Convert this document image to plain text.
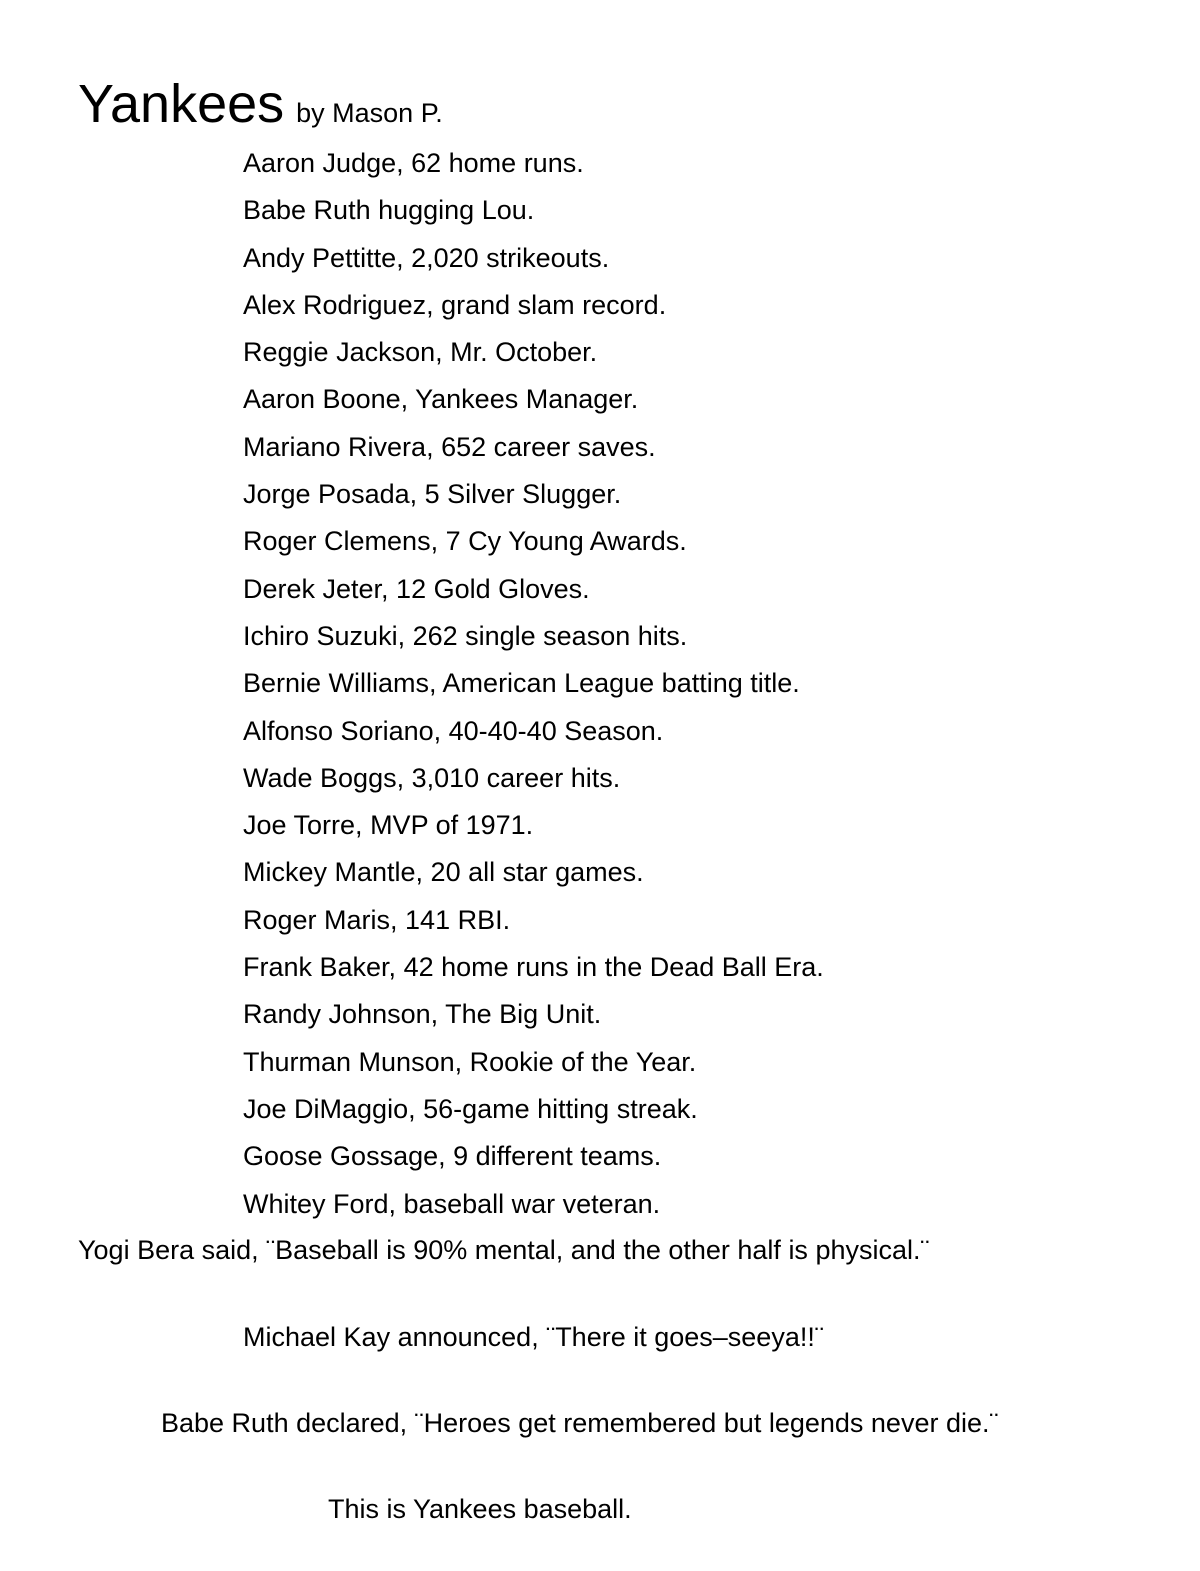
Yankees by Mason P.
Aaron Judge, 62 home runs.
Babe Ruth hugging Lou.
Andy Pettitte, 2,020 strikeouts.
Alex Rodriguez, grand slam record.
Reggie Jackson, Mr. October.
Aaron Boone, Yankees Manager.
Mariano Rivera, 652 career saves.
Jorge Posada, 5 Silver Slugger.
Roger Clemens, 7 Cy Young Awards.
Derek Jeter, 12 Gold Gloves.
Ichiro Suzuki, 262 single season hits.
Bernie Williams, American League batting title.
Alfonso Soriano, 40-40-40 Season.
Wade Boggs, 3,010 career hits.
Joe Torre, MVP of 1971.
Mickey Mantle, 20 all star games.
Roger Maris, 141 RBI.
Frank Baker, 42 home runs in the Dead Ball Era.
Randy Johnson, The Big Unit.
Thurman Munson, Rookie of the Year.
Joe DiMaggio, 56-game hitting streak.
Goose Gossage, 9 different teams.
Whitey Ford, baseball war veteran.
Yogi Bera said, ¨Baseball is 90% mental, and the other half is physical.¨
Michael Kay announced, ¨There it goes–seeya!!¨
Babe Ruth declared, ¨Heroes get remembered but legends never die.¨
This is Yankees baseball.
